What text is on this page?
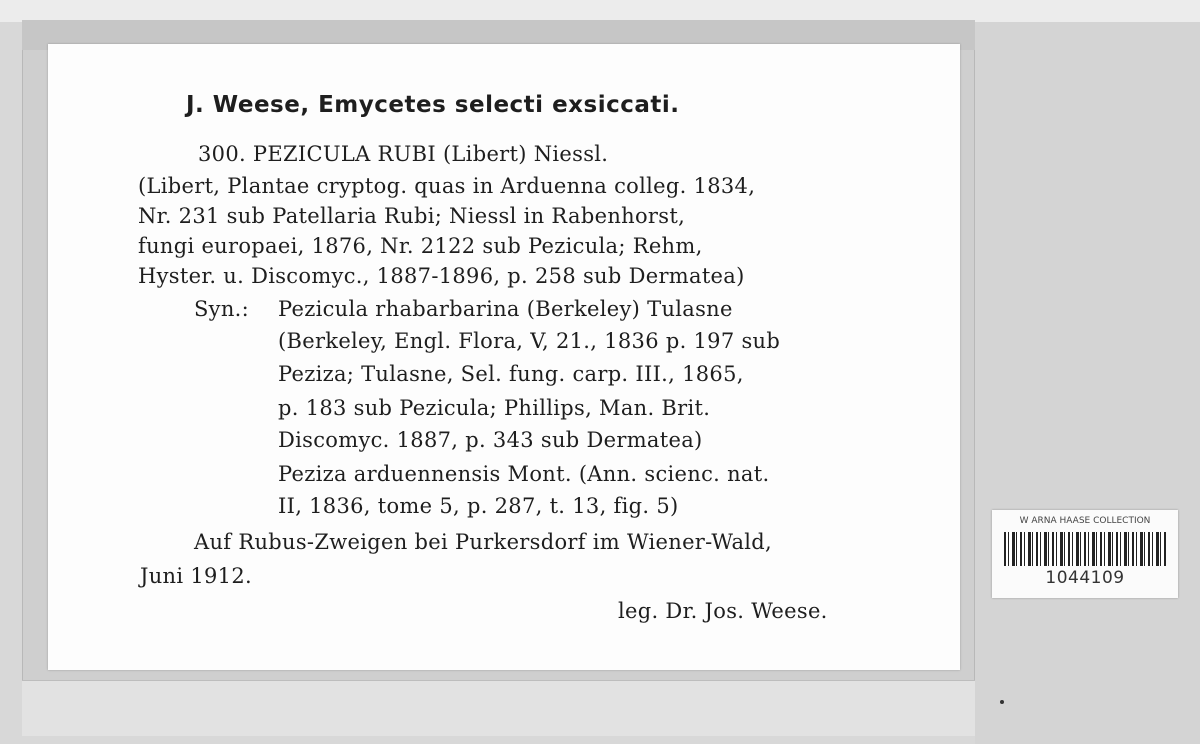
J. Weese, Emycetes selecti exsiccati.
300. PEZICULA RUBI (Libert) Niessl.
(Libert, Plantae cryptog. quas in Arduenna colleg. 1834,
Nr. 231 sub Patellaria Rubi; Niessl in Rabenhorst,
fungi europaei, 1876, Nr. 2122 sub Pezicula; Rehm,
Hyster. u. Discomyc., 1887-1896, p. 258 sub Dermatea)
Syn.: Pezicula rhabarbarina (Berkeley) Tulasne
(Berkeley, Engl. Flora, V, 21., 1836 p. 197 sub
Peziza; Tulasne, Sel. fung. carp. III., 1865,
p. 183 sub Pezicula; Phillips, Man. Brit.
Discomyc. 1887, p. 343 sub Dermatea)
Peziza arduennensis Mont. (Ann. scienc. nat.
II, 1836, tome 5, p. 287, t. 13, fig. 5)
Auf Rubus-Zweigen bei Purkersdorf im Wiener-Wald,
Juni 1912.
leg. Dr. Jos. Weese.
W ARNA HAASE COLLECTION
1044109
